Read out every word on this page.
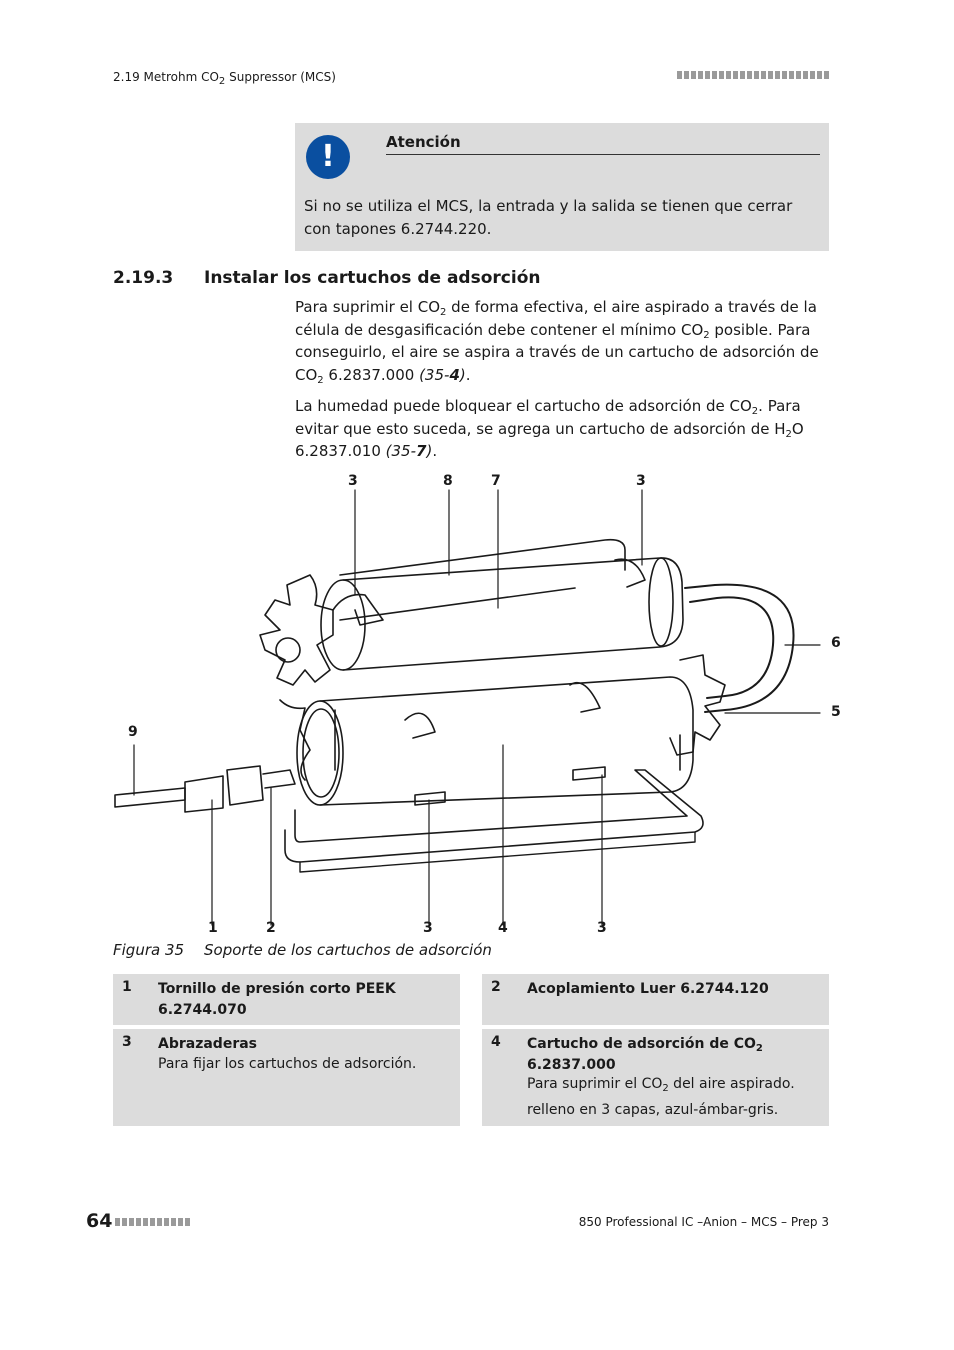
2.19 Metrohm $CO_2$ Suppressor (MCS)
!	Atención
Si no se utiliza el MCS, la entrada y la salida se tienen que cerrar con tapones 6.2744.220.
2.19.3 Instalar los cartuchos de adsorción
Para suprimir el $CO_2$ de forma efectiva, el aire aspirado a través de la célula de desgasificación debe contener el mínimo $CO_2$ posible. Para conseguirlo, el aire se aspira a través de un cartucho de adsorción de $CO_2$ 6.2837.000 (35-4).
La humedad puede bloquear el cartucho de adsorción de $CO_2$. Para evitar que esto suceda, se agrega un cartucho de adsorción de $H_2O$ 6.2837.010 (35-7).
3	8	7	3
6
5
9
1	2	3	4	3
Figura 35 Soporte de los cartuchos de adsorción
1 Tornillo de presión corto PEEK 6.2744.070
2 Acoplamiento Luer 6.2744.120
3 Abrazaderas
Para fijar los cartuchos de adsorción.
4 Cartucho de adsorción de $CO_2$
6.2837.000
Para suprimir el $CO_2$ del aire aspirado.
relleno en 3 capas, azul-ámbar-gris.
64	850 Professional IC –Anion – MCS – Prep 3
